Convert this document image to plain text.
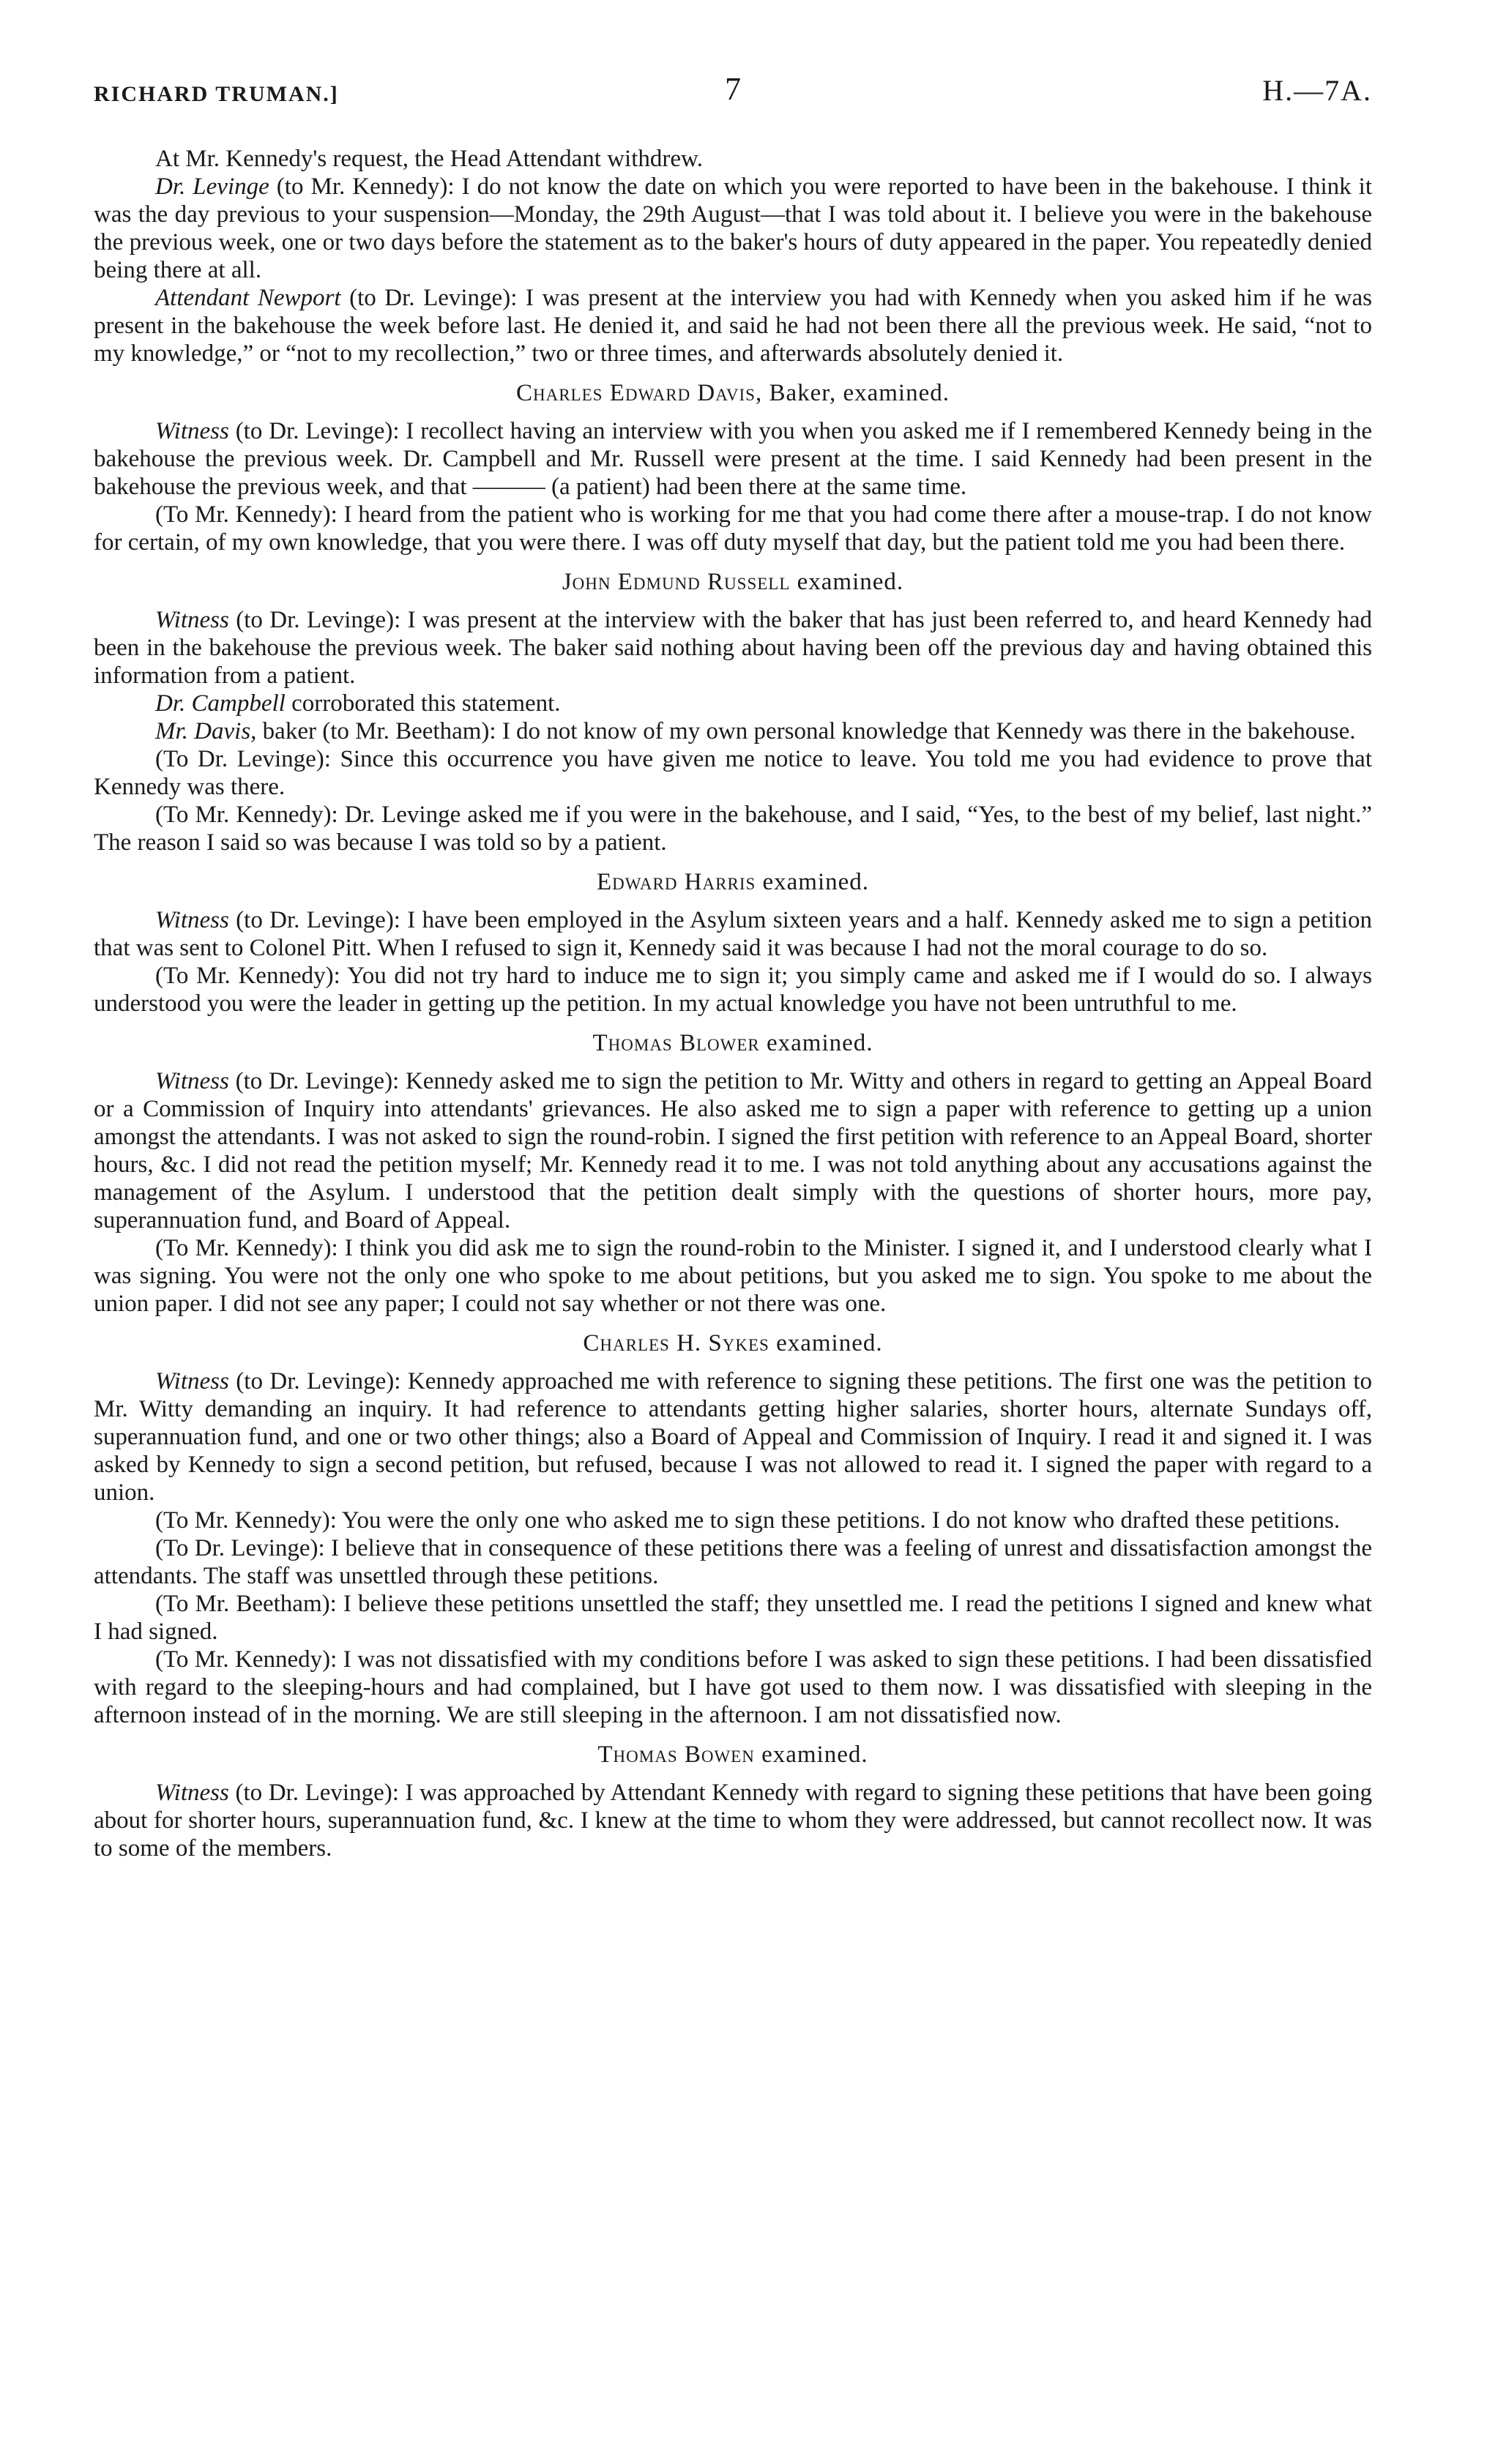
RICHARD TRUMAN.]	7	H.—7A.

At Mr. Kennedy's request, the Head Attendant withdrew.

Dr. Levinge (to Mr. Kennedy): I do not know the date on which you were reported to have been in the bakehouse. I think it was the day previous to your suspension—Monday, the 29th August—that I was told about it. I believe you were in the bakehouse the previous week, one or two days before the statement as to the baker's hours of duty appeared in the paper. You repeatedly denied being there at all.

Attendant Newport (to Dr. Levinge): I was present at the interview you had with Kennedy when you asked him if he was present in the bakehouse the week before last. He denied it, and said he had not been there all the previous week. He said, “not to my knowledge,” or “not to my recollection,” two or three times, and afterwards absolutely denied it.

Charles Edward Davis, Baker, examined.

Witness (to Dr. Levinge): I recollect having an interview with you when you asked me if I remembered Kennedy being in the bakehouse the previous week. Dr. Campbell and Mr. Russell were present at the time. I said Kennedy had been present in the bakehouse the previous week, and that ——— (a patient) had been there at the same time.

(To Mr. Kennedy): I heard from the patient who is working for me that you had come there after a mouse-trap. I do not know for certain, of my own knowledge, that you were there. I was off duty myself that day, but the patient told me you had been there.

John Edmund Russell examined.

Witness (to Dr. Levinge): I was present at the interview with the baker that has just been referred to, and heard Kennedy had been in the bakehouse the previous week. The baker said nothing about having been off the previous day and having obtained this information from a patient.

Dr. Campbell corroborated this statement.

Mr. Davis, baker (to Mr. Beetham): I do not know of my own personal knowledge that Kennedy was there in the bakehouse.

(To Dr. Levinge): Since this occurrence you have given me notice to leave. You told me you had evidence to prove that Kennedy was there.

(To Mr. Kennedy): Dr. Levinge asked me if you were in the bakehouse, and I said, “Yes, to the best of my belief, last night.” The reason I said so was because I was told so by a patient.

Edward Harris examined.

Witness (to Dr. Levinge): I have been employed in the Asylum sixteen years and a half. Kennedy asked me to sign a petition that was sent to Colonel Pitt. When I refused to sign it, Kennedy said it was because I had not the moral courage to do so.

(To Mr. Kennedy): You did not try hard to induce me to sign it; you simply came and asked me if I would do so. I always understood you were the leader in getting up the petition. In my actual knowledge you have not been untruthful to me.

Thomas Blower examined.

Witness (to Dr. Levinge): Kennedy asked me to sign the petition to Mr. Witty and others in regard to getting an Appeal Board or a Commission of Inquiry into attendants' grievances. He also asked me to sign a paper with reference to getting up a union amongst the attendants. I was not asked to sign the round-robin. I signed the first petition with reference to an Appeal Board, shorter hours, &c. I did not read the petition myself; Mr. Kennedy read it to me. I was not told anything about any accusations against the management of the Asylum. I understood that the petition dealt simply with the questions of shorter hours, more pay, superannuation fund, and Board of Appeal.

(To Mr. Kennedy): I think you did ask me to sign the round-robin to the Minister. I signed it, and I understood clearly what I was signing. You were not the only one who spoke to me about petitions, but you asked me to sign. You spoke to me about the union paper. I did not see any paper; I could not say whether or not there was one.

Charles H. Sykes examined.

Witness (to Dr. Levinge): Kennedy approached me with reference to signing these petitions. The first one was the petition to Mr. Witty demanding an inquiry. It had reference to attendants getting higher salaries, shorter hours, alternate Sundays off, superannuation fund, and one or two other things; also a Board of Appeal and Commission of Inquiry. I read it and signed it. I was asked by Kennedy to sign a second petition, but refused, because I was not allowed to read it. I signed the paper with regard to a union.

(To Mr. Kennedy): You were the only one who asked me to sign these petitions. I do not know who drafted these petitions.

(To Dr. Levinge): I believe that in consequence of these petitions there was a feeling of unrest and dissatisfaction amongst the attendants. The staff was unsettled through these petitions.

(To Mr. Beetham): I believe these petitions unsettled the staff; they unsettled me. I read the petitions I signed and knew what I had signed.

(To Mr. Kennedy): I was not dissatisfied with my conditions before I was asked to sign these petitions. I had been dissatisfied with regard to the sleeping-hours and had complained, but I have got used to them now. I was dissatisfied with sleeping in the afternoon instead of in the morning. We are still sleeping in the afternoon. I am not dissatisfied now.

Thomas Bowen examined.

Witness (to Dr. Levinge): I was approached by Attendant Kennedy with regard to signing these petitions that have been going about for shorter hours, superannuation fund, &c. I knew at the time to whom they were addressed, but cannot recollect now. It was to some of the members.
